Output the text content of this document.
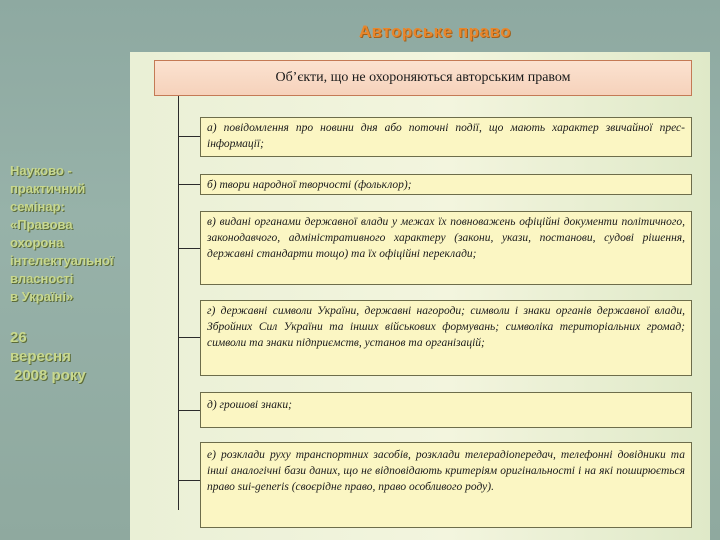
Авторське право
Науково -
практичний
семінар:
«Правова
охорона
інтелектуальної
власності
в Україні»
26
вересня
2008 року
Об’єкти, що не охороняються авторським правом
а) повідомлення про новини дня або поточні події, що мають характер звичайної прес-інформації;
б) твори народної творчості (фольклор);
в) видані органами державної влади у межах їх повноважень офіційні документи політичного, законодавчого, адміністративного характеру (закони, укази, постанови, судові рішення, державні стандарти тощо) та їх офіційні переклади;
г) державні символи України, державні нагороди; символи і знаки органів державної влади, Збройних Сил України та інших військових формувань; символіка територіальних громад; символи та знаки підприємств, установ та організацій;
д) грошові знаки;
е) розклади руху транспортних засобів, розклади телерадіопередач, телефонні довідники та інші аналогічні бази даних, що не відповідають критеріям оригінальності і на які поширюється право sui-generis (своєрідне право, право особливого роду).
